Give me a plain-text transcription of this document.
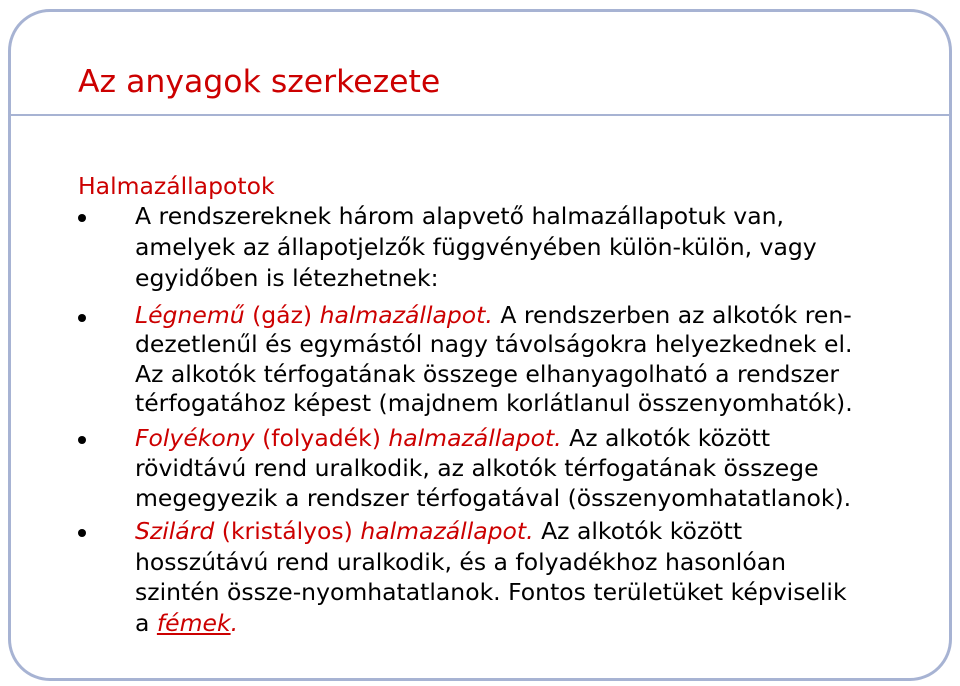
Az anyagok szerkezete
Halmazállapotok
A rendszereknek három alapvető halmazállapotuk van,
amelyek az állapotjelzők függvényében külön-külön, vagy
egyidőben is létezhetnek:
Légnemű (gáz) halmazállapot. A rendszerben az alkotók ren-
dezetlenűl és egymástól nagy távolságokra helyezkednek el.
Az alkotók térfogatának összege elhanyagolható a rendszer
térfogatához képest (majdnem korlátlanul összenyomhatók).
Folyékony (folyadék) halmazállapot. Az alkotók között
rövidtávú rend uralkodik, az alkotók térfogatának összege
megegyezik a rendszer térfogatával (összenyomhatatlanok).
Szilárd (kristályos) halmazállapot. Az alkotók között
hosszútávú rend uralkodik, és a folyadékhoz hasonlóan
szintén össze-nyomhatatlanok. Fontos területüket képviselik
a fémek.
